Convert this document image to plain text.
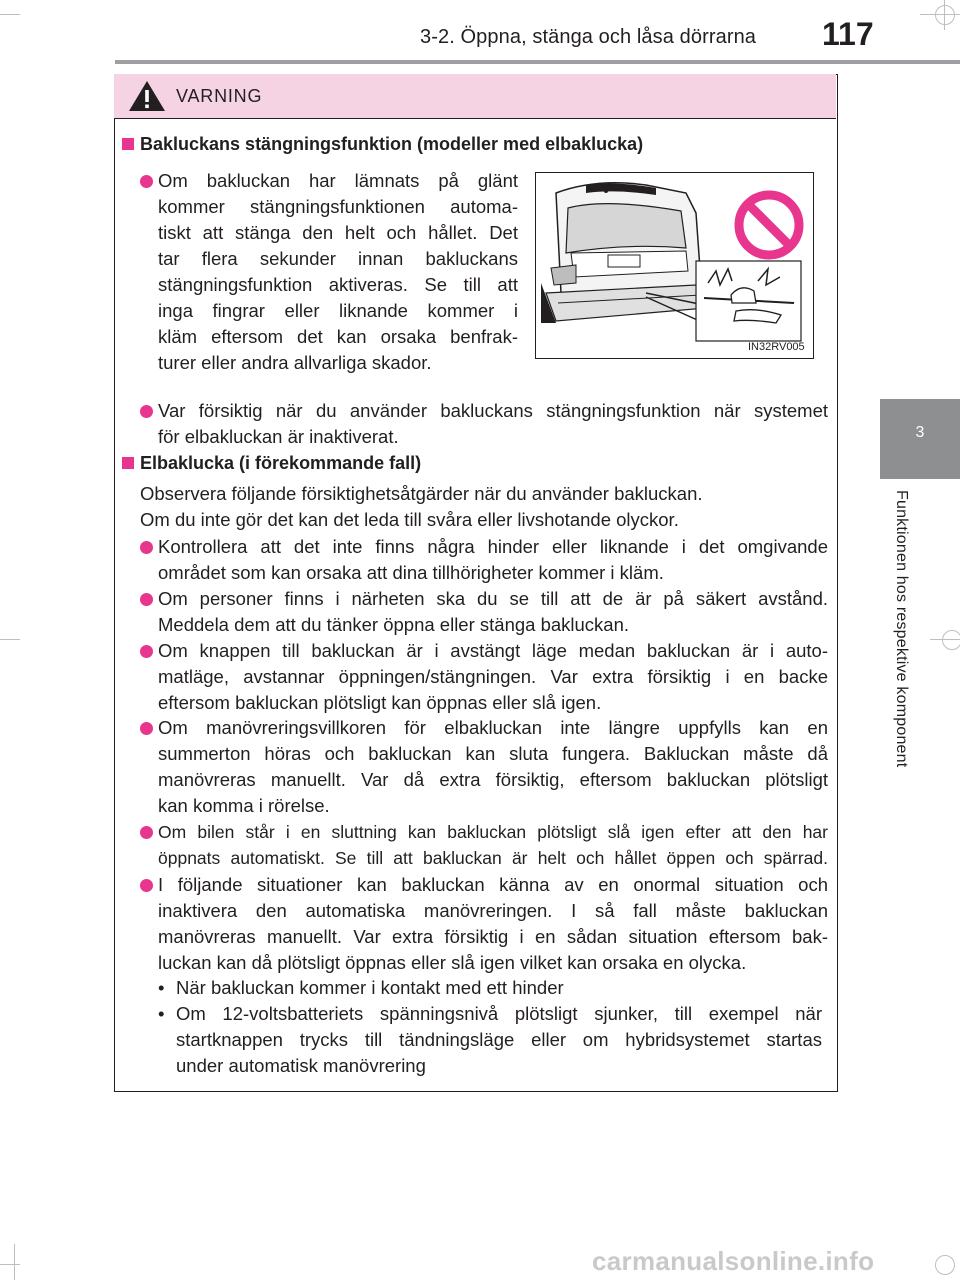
3-2. Öppna, stänga och låsa dörrarna 117
3
Funktionen hos respektive komponent
VARNING
Bakluckans stängningsfunktion (modeller med elbaklucka)
Om bakluckan har lämnats på glänt
kommer stängningsfunktionen automa-
tiskt att stänga den helt och hållet. Det
tar flera sekunder innan bakluckans
stängningsfunktion aktiveras. Se till att
inga fingrar eller liknande kommer i
kläm eftersom det kan orsaka benfrak-
turer eller andra allvarliga skador.
IN32RV005
Var försiktig när du använder bakluckans stängningsfunktion när systemet
för elbakluckan är inaktiverat.
Elbaklucka (i förekommande fall)
Observera följande försiktighetsåtgärder när du använder bakluckan.
Om du inte gör det kan det leda till svåra eller livshotande olyckor.
Kontrollera att det inte finns några hinder eller liknande i det omgivande
området som kan orsaka att dina tillhörigheter kommer i kläm.
Om personer finns i närheten ska du se till att de är på säkert avstånd.
Meddela dem att du tänker öppna eller stänga bakluckan.
Om knappen till bakluckan är i avstängt läge medan bakluckan är i auto-
matläge, avstannar öppningen/stängningen. Var extra försiktig i en backe
eftersom bakluckan plötsligt kan öppnas eller slå igen.
Om manövreringsvillkoren för elbakluckan inte längre uppfylls kan en
summerton höras och bakluckan kan sluta fungera. Bakluckan måste då
manövreras manuellt. Var då extra försiktig, eftersom bakluckan plötsligt
kan komma i rörelse.
Om bilen står i en sluttning kan bakluckan plötsligt slå igen efter att den har
öppnats automatiskt. Se till att bakluckan är helt och hållet öppen och spärrad.
I följande situationer kan bakluckan känna av en onormal situation och
inaktivera den automatiska manövreringen. I så fall måste bakluckan
manövreras manuellt. Var extra försiktig i en sådan situation eftersom bak-
luckan kan då plötsligt öppnas eller slå igen vilket kan orsaka en olycka.
• När bakluckan kommer i kontakt med ett hinder
• Om 12-voltsbatteriets spänningsnivå plötsligt sjunker, till exempel när
startknappen trycks till tändningsläge eller om hybridsystemet startas
under automatisk manövrering
carmanualsonline.info
